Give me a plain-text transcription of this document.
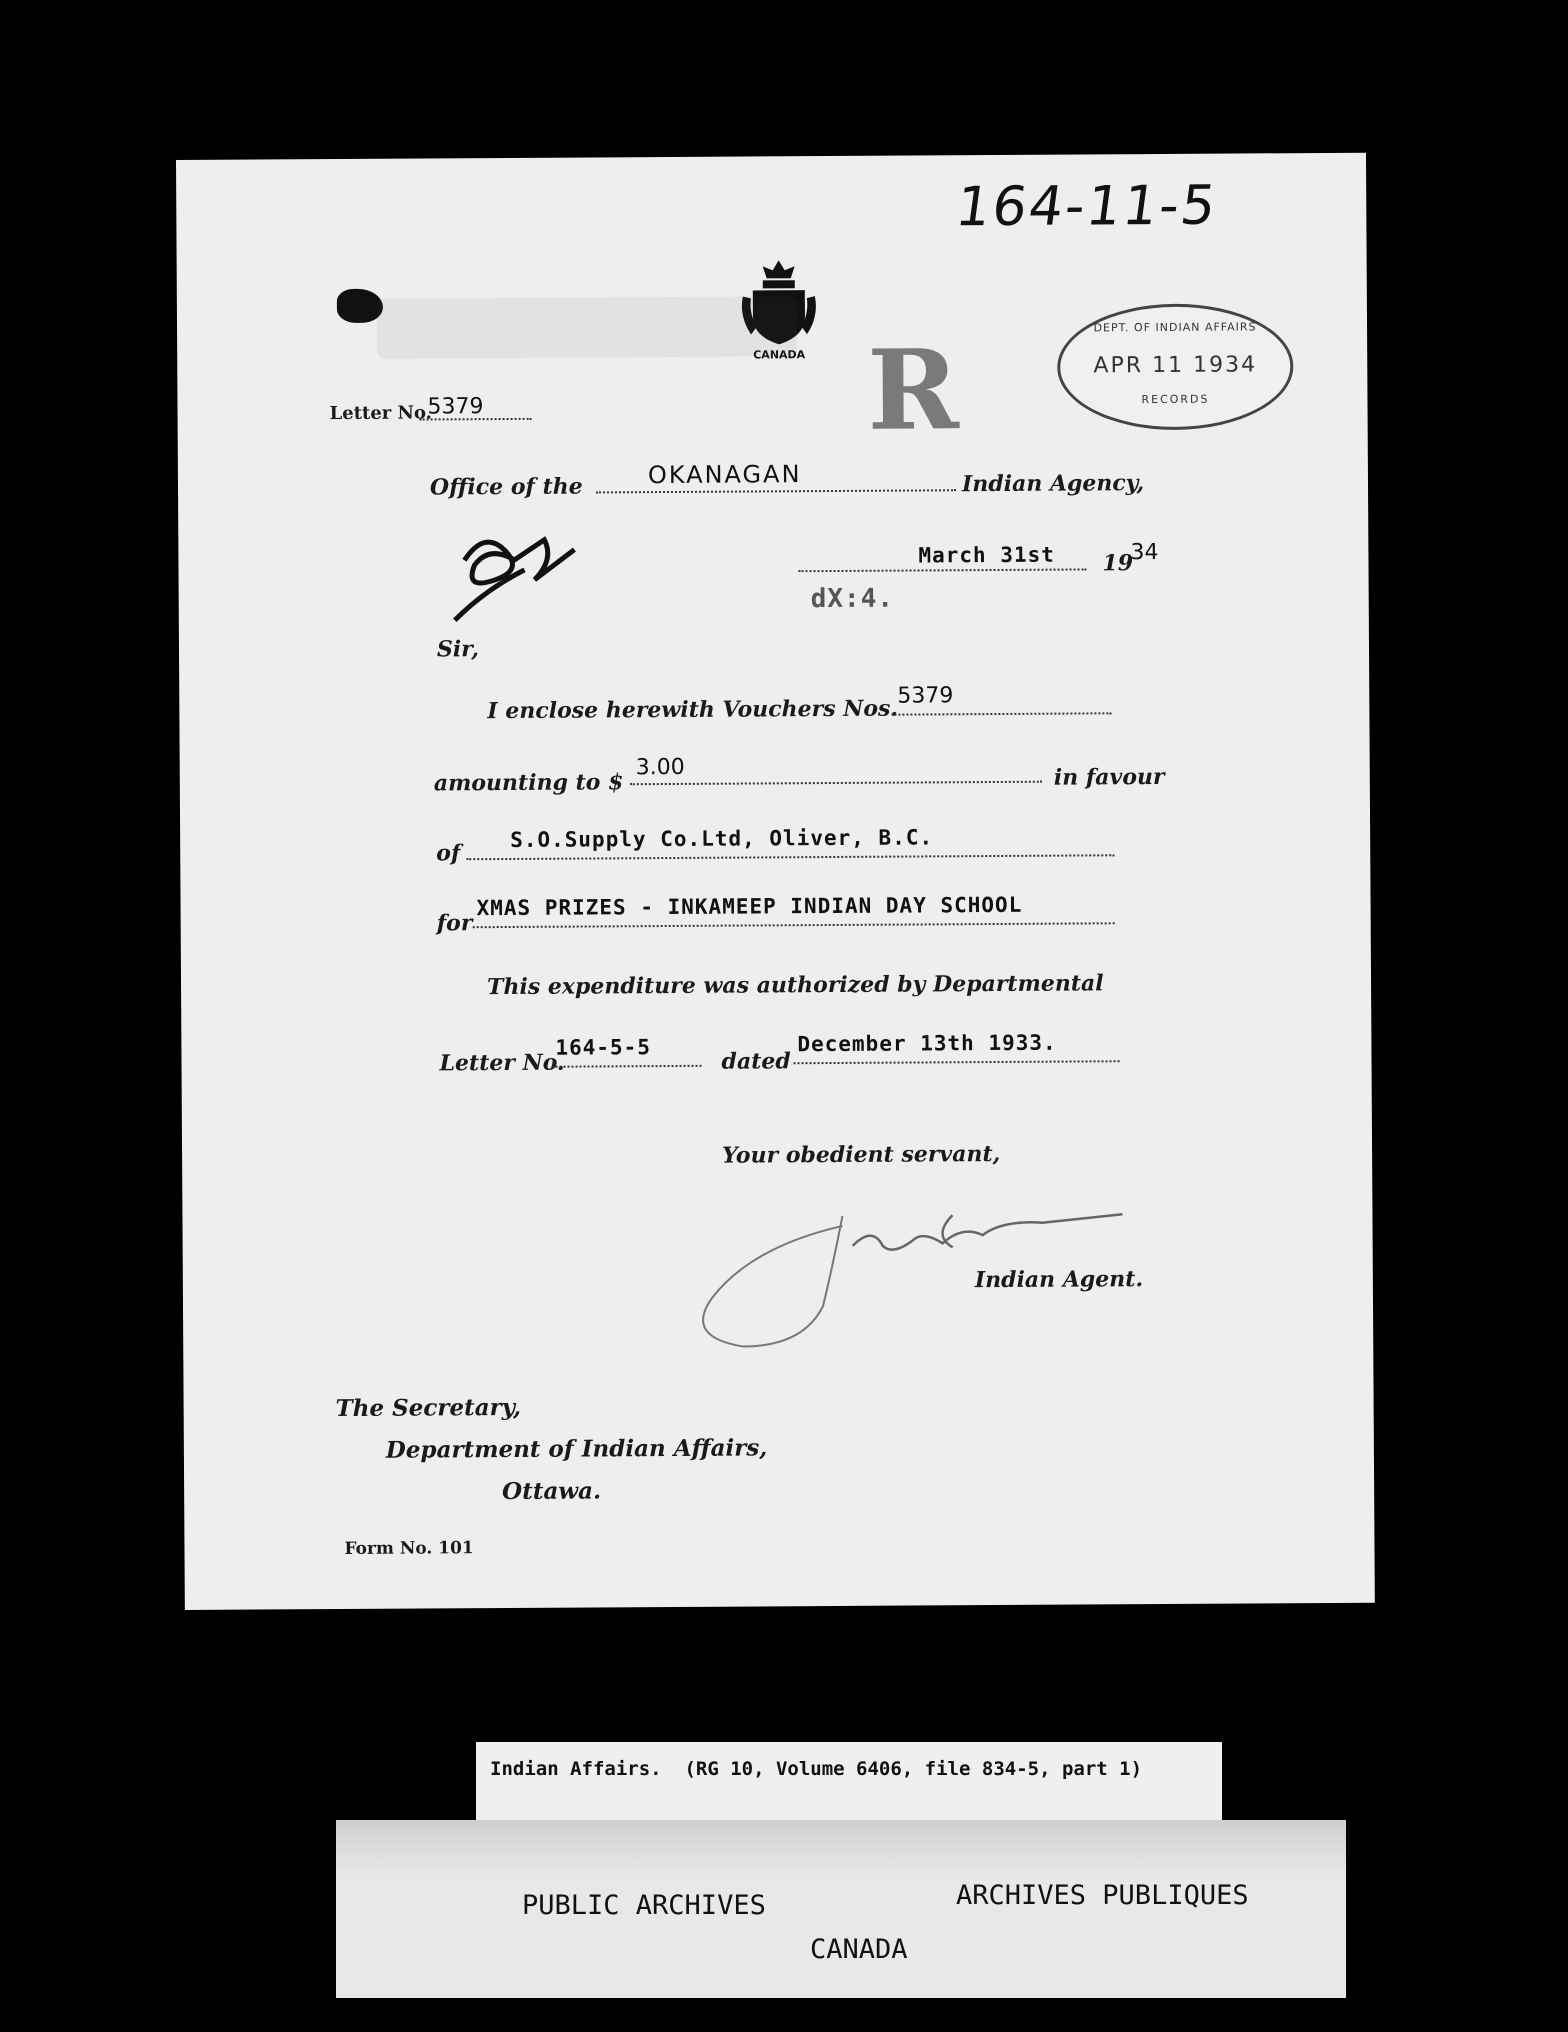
164-11-5
CANADA R	DEPT. OF INDIAN AFFAIRS
APR 11 1934
RECORDS
Letter No.
5379
Office of the	OKANAGAN	Indian Agency,
March 31st 19
34
dX:4.
Sir,
I enclose herewith Vouchers Nos. 5379
amounting to $
3.00	in favour
of
S.O.Supply Co.Ltd, Oliver, B.C.
for
XMAS PRIZES - INKAMEEP INDIAN DAY SCHOOL
This expenditure was authorized by Departmental
Letter No.
164-5-5
dated
December 13th 1933.
Your obedient servant,
Indian Agent.
The Secretary,
Department of Indian Affairs,
Ottawa.
Form No. 101
Indian Affairs.  (RG 10, Volume 6406, file 834-5, part 1)
PUBLIC ARCHIVES	ARCHIVES PUBLIQUES
CANADA
